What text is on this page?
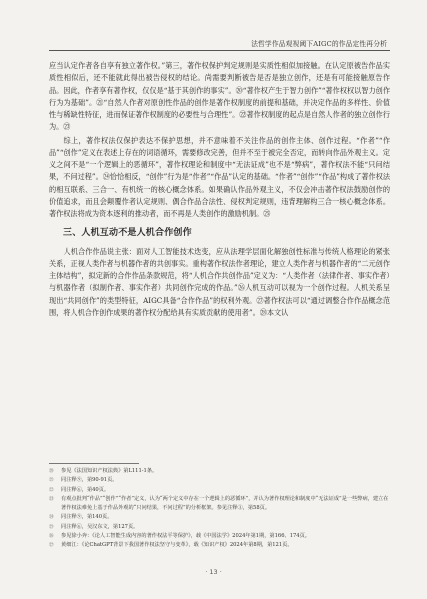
法哲学作品观视阈下AIGC的作品定性再分析

应当认定作者各自享有独立著作权。”第三，著作权保护判定规则是实质性相似加接触。在认定原被告作品实质性相似后，还不能就此得出被告侵权的结论。尚需要判断被告是否是独立创作，还是有可能接触原告作品。因此，作者享有著作权，仅仅是“基于其创作的事实”。⑳“著作权产生于智力创作”“著作权权以智力创作行为为基础”。㉑“自然人作者对原创性作品的创作是著作权制度的前提和基础，并决定作品的多样性、价值性与稀缺性特征，进而保证著作权制度的必要性与合理性”。㉒著作权制度的起点是自然人作者的独立创作行为。㉓

综上，著作权法仅保护表达不保护思想，并不意味着不关注作品的创作主体、创作过程。“作者”“作品”“创作”定义在表述上存在的词语循环，需要修改完善，但并不至于被完全否定，而转向作品外观主义。定义之间不是“一个逻辑上的恶循环”，著作权理论和制度中“无法证成”也不是“弊病”，著作权法不能“只问结果，不问过程”。㉔恰恰相反，“创作”行为是“作者”“作品”认定的基础。“作者”“创作”“作品”构成了著作权法的相互联系、三合一、有机统一的核心概念体系。如果确认作品外观主义，不仅会冲击著作权法鼓励创作的价值追求，而且会颠覆作者认定规则、偶合作品合法性、侵权判定规则，违背理解构三合一核心概念体系。著作权法将成为资本逐利的推动者，而不再是人类创作的激励机制。㉕

三、人机互动不是人机合作创作

人机合作作品说主张：面对人工智能技术迭变，应从法理学层面化解独创性标准与传统人格理论的紧张关系，正视人类作者与机器作者的共创事实。重构著作权法作者理论，建立人类作者与机器作者的“二元创作主体结构”，拟定新的合作作品条款规范，将“人机合作共创作品”定义为：“人类作者（法律作者、事实作者）与机器作者（拟制作者、事实作者）共同创作完成的作品。”㉖人机互动可以视为一个创作过程。人机关系呈现出“共同创作”的类型特征，AIGC具备“合作作品”的权利外观。㉗著作权法可以“通过调整合作作品概念范围，将人机合作创作成果的著作权分配给具有实质贡献的使用者”。㉘本文认

⑳	参见《法国知识产权法典》第L111-1条。
㉑	同注释⑨，第90-91页。
㉒	同注释⑥，第40页。
㉓	有观点批判“作品”“创作”“作者”定义，认为“两个定义中存在一个逻辑上的恶循环”，并认为著作权理论和制度中“无法证成”是一些弊病，建立在著作权法难免上基于作品外观的“只问结果，不问过程”的分析框架。参见注释③，第58页。
㉔	同注释⑨，第140页。
㉕	同注释⑥，吴汉东文，第127页。
㉖	参见徐小奔：《论人工智能生成内容的著作权法平等保护》，载《中国法学》2024年第1期，第166、174页。
㉗	黄细江：《论ChatGPT背景下我国著作权法坚守与变革》，载《知识产权》2024年第8期，第121页。
· 13 ·
